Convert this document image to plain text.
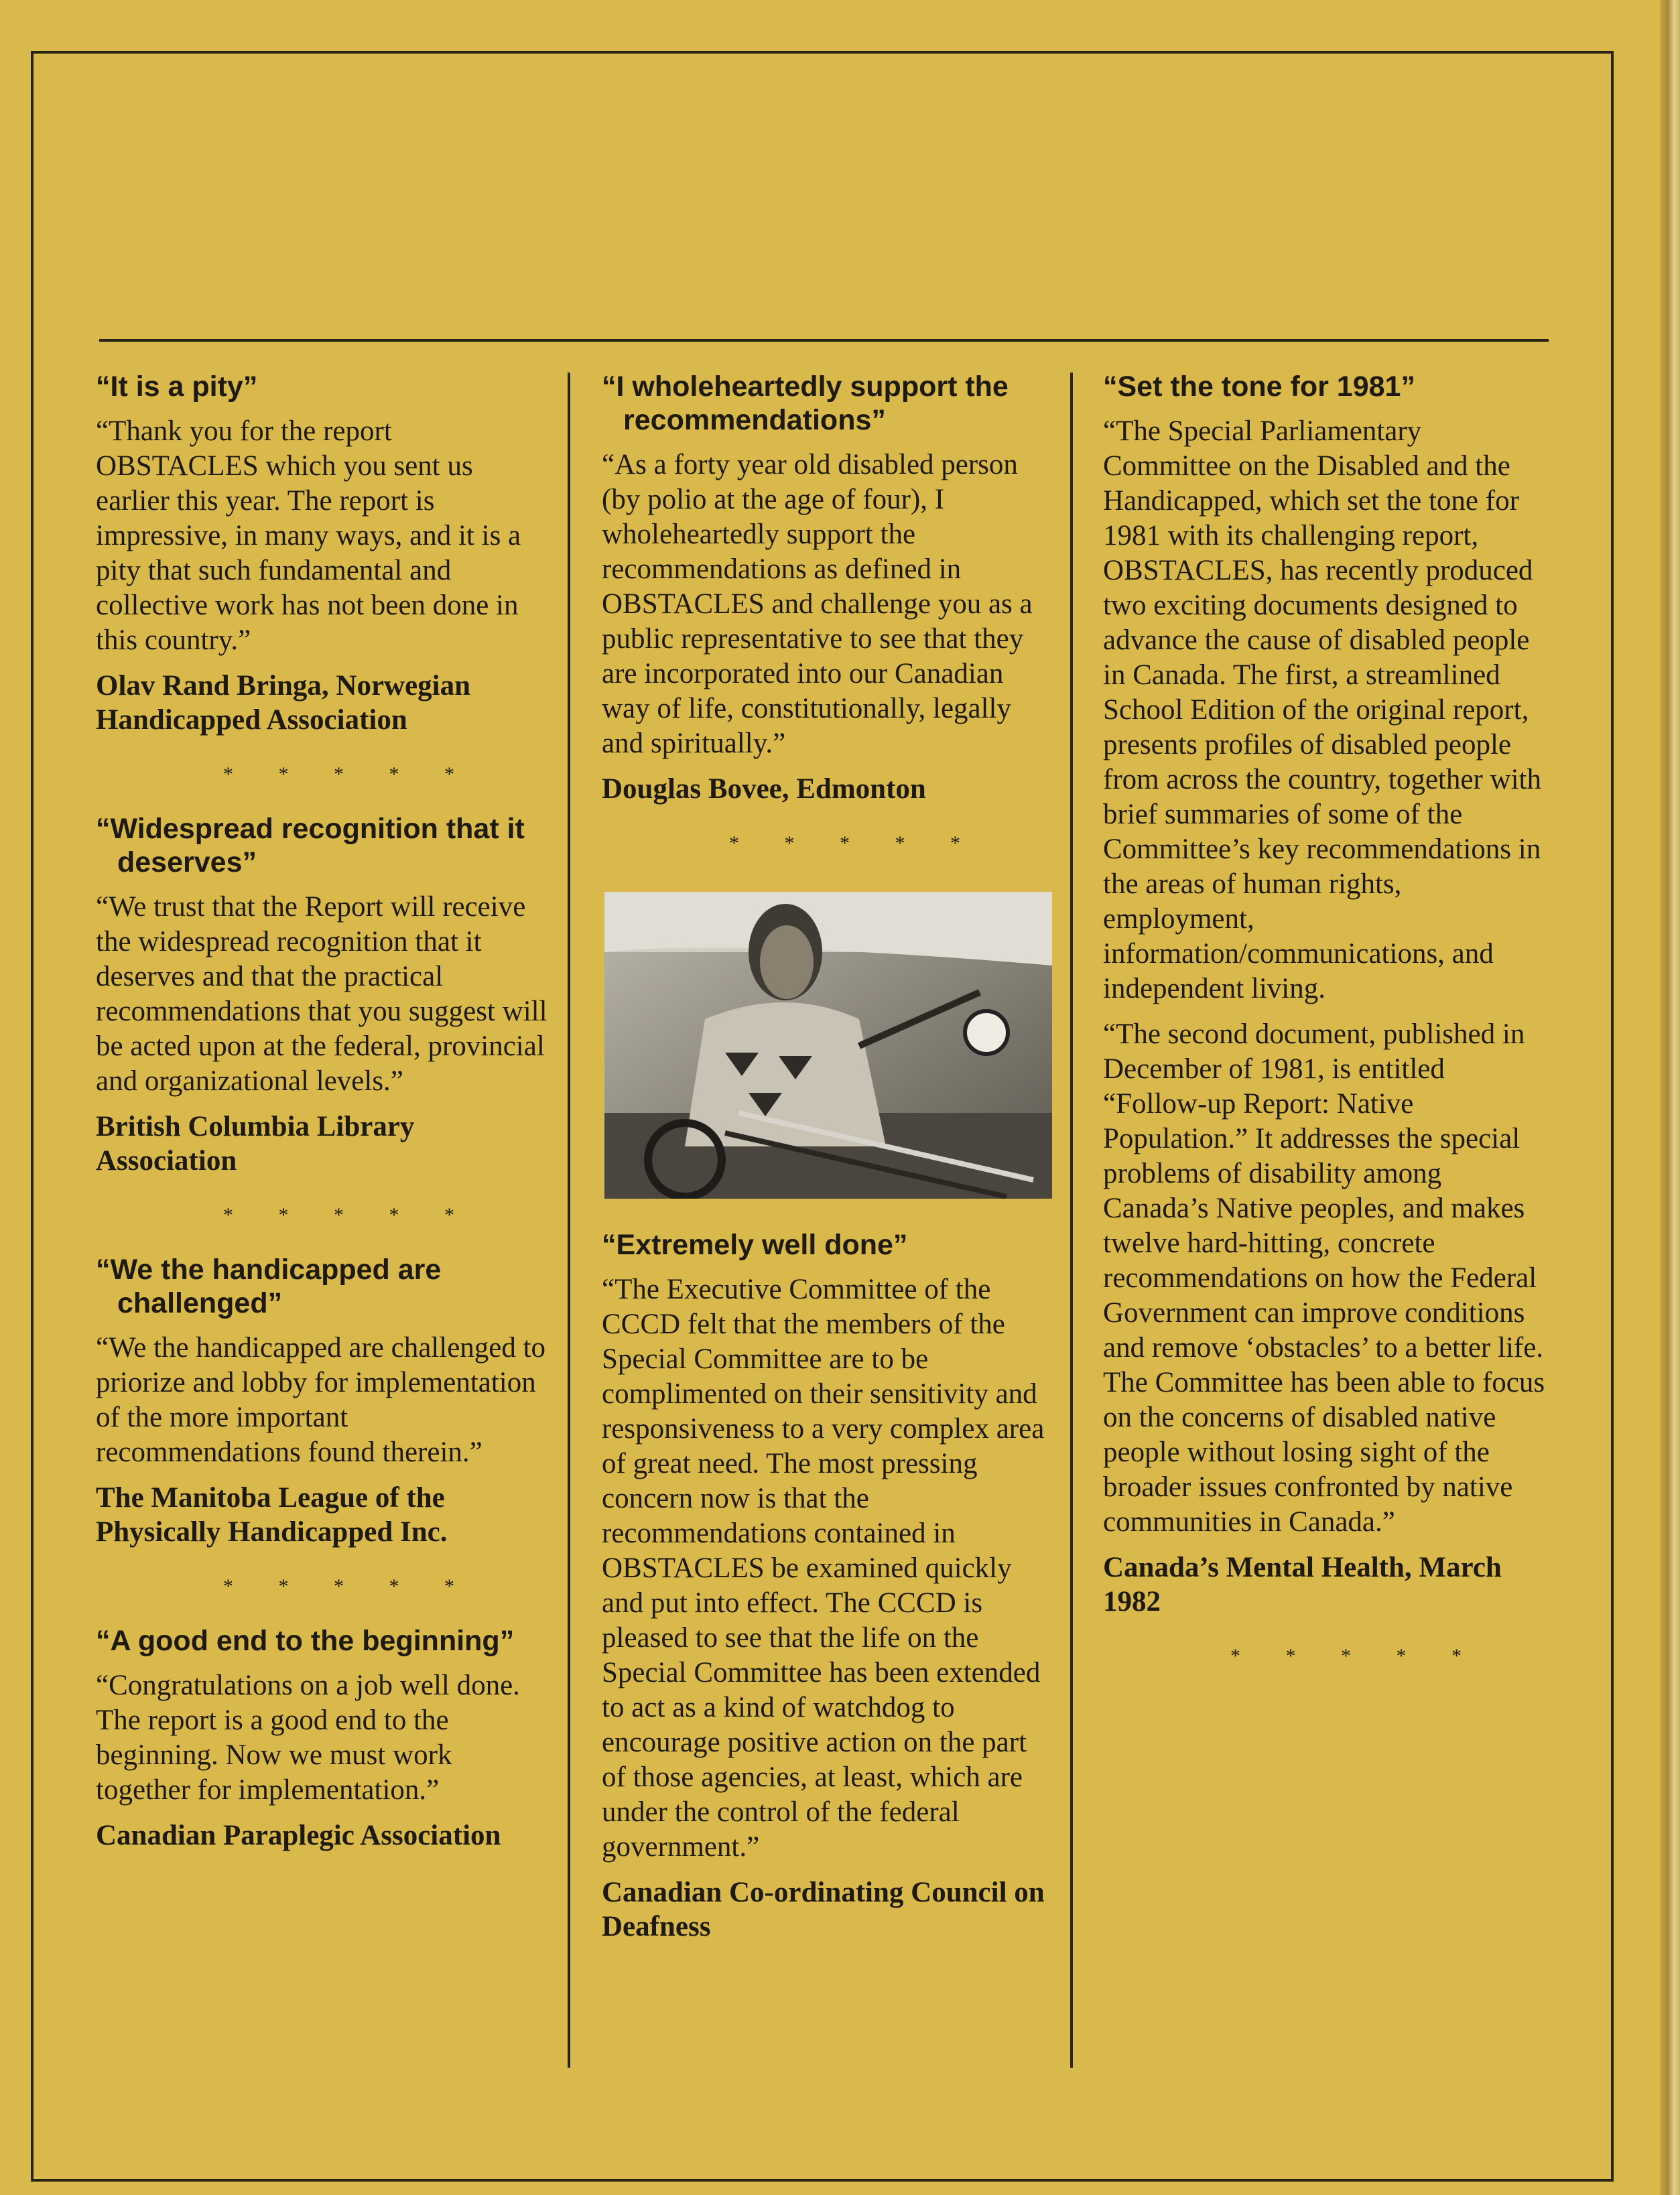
“It is a pity”

“Thank you for the report OBSTACLES which you sent us earlier this year. The report is impressive, in many ways, and it is a pity that such fundamental and collective work has not been done in this country.”

Olav Rand Bringa, Norwegian Handicapped Association

* * * * *
“Widespread recognition that it deserves”

“We trust that the Report will receive the widespread recognition that it deserves and that the practical recommendations that you suggest will be acted upon at the federal, provincial and organizational levels.”

British Columbia Library Association

* * * * *
“We the handicapped are challenged”

“We the handicapped are challenged to priorize and lobby for implementation of the more important recommendations found therein.”

The Manitoba League of the Physically Handicapped Inc.

* * * * *
“A good end to the beginning”

“Congratulations on a job well done. The report is a good end to the beginning. Now we must work together for implementation.”

Canadian Paraplegic Association

“I wholeheartedly support the recommendations”

“As a forty year old disabled person (by polio at the age of four), I wholeheartedly support the recommendations as defined in OBSTACLES and challenge you as a public representative to see that they are incorporated into our Canadian way of life, constitutionally, legally and spiritually.”

Douglas Bovee, Edmonton

* * * * *
“Extremely well done”

“The Executive Committee of the CCCD felt that the members of the Special Committee are to be complimented on their sensitivity and responsiveness to a very complex area of great need. The most pressing concern now is that the recommendations contained in OBSTACLES be examined quickly and put into effect. The CCCD is pleased to see that the life on the Special Committee has been extended to act as a kind of watchdog to encourage positive action on the part of those agencies, at least, which are under the control of the federal government.”

Canadian Co-ordinating Council on Deafness

“Set the tone for 1981”

“The Special Parliamentary Committee on the Disabled and the Handicapped, which set the tone for 1981 with its challenging report, OBSTACLES, has recently produced two exciting documents designed to advance the cause of disabled people in Canada. The first, a streamlined School Edition of the original report, presents profiles of disabled people from across the country, together with brief summaries of some of the Committee’s key recommendations in the areas of human rights, employment, information/communications, and independent living.

“The second document, published in December of 1981, is entitled “Follow-up Report: Native Population.” It addresses the special problems of disability among Canada’s Native peoples, and makes twelve hard-hitting, concrete recommendations on how the Federal Government can improve conditions and remove ‘obstacles’ to a better life. The Committee has been able to focus on the concerns of disabled native people without losing sight of the broader issues confronted by native communities in Canada.”

Canada’s Mental Health, March 1982

* * * * *
